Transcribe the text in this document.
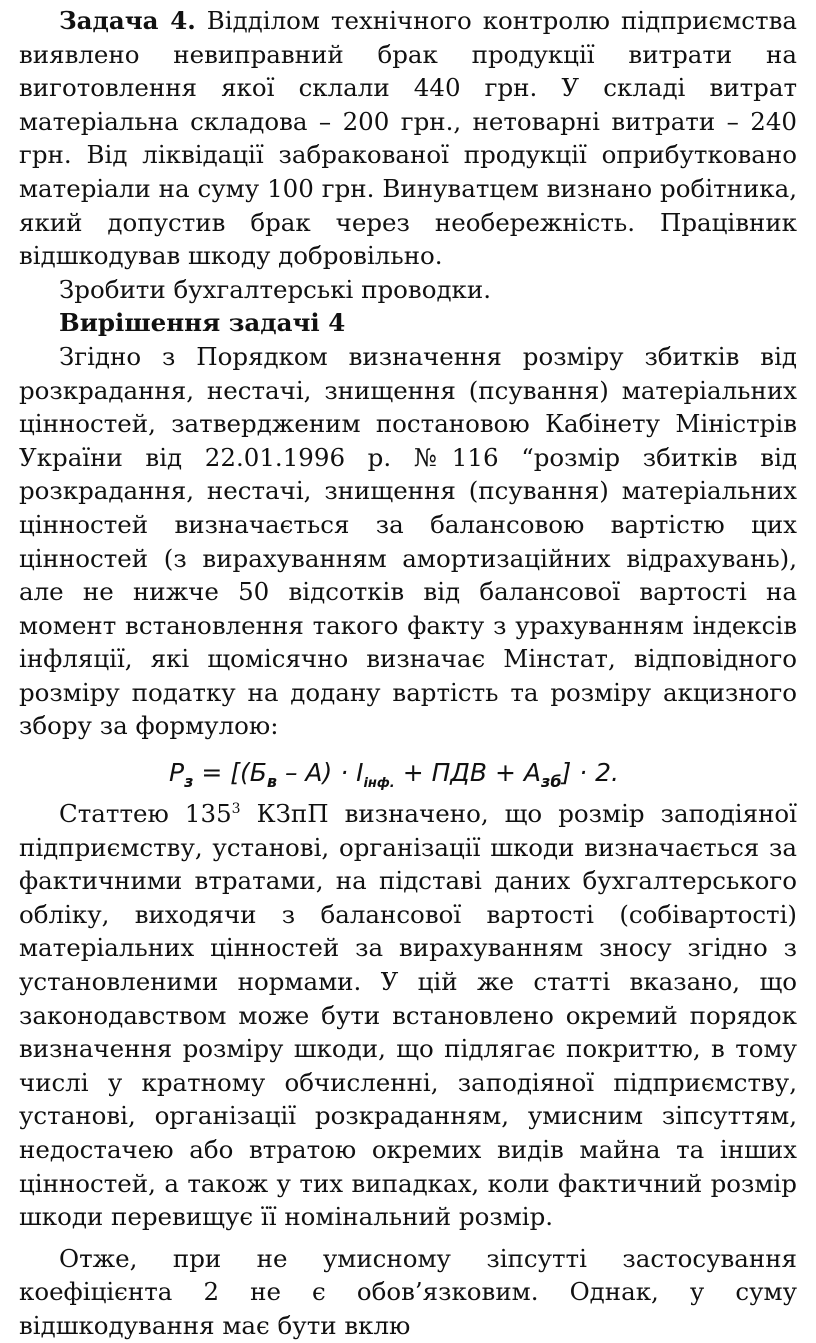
Задача 4. Відділом технічного контролю підприємства виявлено невиправний брак продукції витрати на виготовлення якої склали 440 грн. У складі витрат матеріальна складова – 200 грн., нетоварні витрати – 240 грн. Від ліквідації забракованої продукції оприбутковано матеріали на суму 100 грн. Винуватцем визнано робітника, який допустив брак через необережність. Працівник відшкодував шкоду добровільно.

Зробити бухгалтерські проводки.

Вирішення задачі 4

Згідно з Порядком визначення розміру збитків від розкрадання, нестачі, знищення (псування) матеріальних цінностей, затвердженим постановою Кабінету Міністрів України від 22.01.1996 р. №116 “розмір збитків від розкрадання, нестачі, знищення (псування) матеріальних цінностей визначається за балансовою вартістю цих цінностей (з вирахуванням амортизаційних відрахувань), але не нижче 50 відсотків від балансової вартості на момент встановлення такого факту з урахуванням індексів інфляції, які щомісячно визначає Мінстат, відповідного розміру податку на додану вартість та розміру акцизного збору за формулою:

$Р_з = [(Б_в - А) \cdot І_{інф.}$ + ПДВ + $А_{зб}] \cdot 2$.

Статтею $135^3$ КЗпП визначено, що розмір заподіяної підприємству, установі, організації шкоди визначається за фактичними втратами, на підставі даних бухгалтерського обліку, виходячи з балансової вартості (собівартості) матеріальних цінностей за вирахуванням зносу згідно з установленими нормами. У цій же статті вказано, що законодавством може бути встановлено окремий порядок визначення розміру шкоди, що підлягає покриттю, в тому числі у кратному обчисленні, заподіяної підприємству, установі, організації розкраданням, умисним зіпсуттям, недостачею або втратою окремих видів майна та інших цінностей, а також у тих випадках, коли фактичний розмір шкоди перевищує її номінальний розмір.

Отже, при не умисному зіпсутті застосування коефіцієнта 2 не є обов’язковим. Однак, у суму відшкодування має бути вклю
